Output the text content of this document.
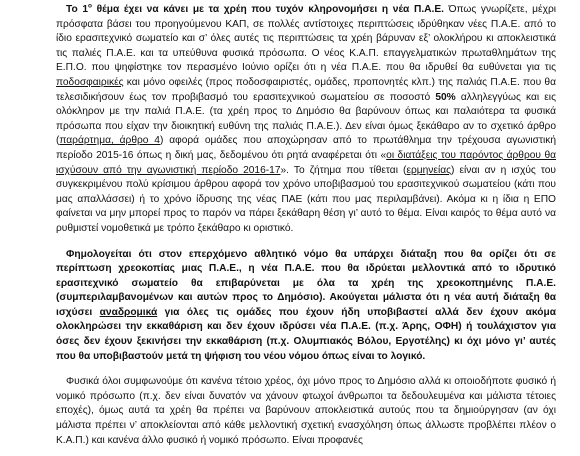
Το $1^o$ θέμα έχει να κάνει με τα χρέη που τυχόν κληρονομήσει η νέα Π.Α.Ε. Όπως γνωρίζετε, μέχρι πρόσφατα βάσει του προηγούμενου ΚΑΠ, σε πολλές αντίστοιχες περιπτώσεις ιδρύθηκαν νέες Π.Α.Ε. από το ίδιο ερασιτεχνικό σωματείο και σ’ όλες αυτές τις περιπτώσεις τα χρέη βάρυναν εξ’ ολοκλήρου κι αποκλειστικά τις παλιές Π.Α.Ε. και τα υπεύθυνα φυσικά πρόσωπα. Ο νέος Κ.Α.Π. επαγγελματικών πρωταθλημάτων της Ε.Π.Ο. που ψηφίστηκε τον περασμένο Ιούνιο ορίζει ότι η νέα Π.Α.Ε. που θα ιδρυθεί θα ευθύνεται για τις ποδοσφαιρικές και μόνο οφειλές (προς ποδοσφαιριστές, ομάδες, προπονητές κλπ.) της παλιάς Π.Α.Ε. που θα τελεσιδικήσουν έως τον προβιβασμό του ερασιτεχνικού σωματείου σε ποσοστό 50% αλληλεγγύως και εις ολόκληρον με την παλιά Π.Α.Ε. (τα χρέη προς το Δημόσιο θα βαρύνουν όπως και παλαιότερα τα φυσικά πρόσωπα που είχαν την διοικητική ευθύνη της παλιάς Π.Α.Ε.). Δεν είναι όμως ξεκάθαρο αν το σχετικό άρθρο (παράρτημα, άρθρο 4) αφορά ομάδες που αποχώρησαν από το πρωτάθλημα την τρέχουσα αγωνιστική περίοδο 2015-16 όπως η δική μας, δεδομένου ότι ρητά αναφέρεται ότι «οι διατάξεις του παρόντος άρθρου θα ισχύσουν από την αγωνιστική περίοδο 2016-17». Το ζήτημα που τίθεται (ερμηνείας) είναι αν η ισχύς του συγκεκριμένου πολύ κρίσιμου άρθρου αφορά τον χρόνο υποβιβασμού του ερασιτεχνικού σωματείου (κάτι που μας απαλλάσσει) ή το χρόνο ίδρυσης της νέας ΠΑΕ (κάτι που μας περιλαμβάνει). Ακόμα κι η ίδια η ΕΠΟ φαίνεται να μην μπορεί προς το παρόν να πάρει ξεκάθαρη θέση γι’ αυτό το θέμα. Είναι καιρός το θέμα αυτό να ρυθμιστεί νομοθετικά με τρόπο ξεκάθαρο κι οριστικό.

Φημολογείται ότι στον επερχόμενο αθλητικό νόμο θα υπάρχει διάταξη που θα ορίζει ότι σε περίπτωση χρεοκοπίας μιας Π.Α.Ε., η νέα Π.Α.Ε. που θα ιδρύεται μελλοντικά από το ιδρυτικό ερασιτεχνικό σωματείο θα επιβαρύνεται με όλα τα χρέη της χρεοκοπημένης Π.Α.Ε. (συμπεριλαμβανομένων και αυτών προς το Δημόσιο). Ακούγεται μάλιστα ότι η νέα αυτή διάταξη θα ισχύσει αναδρομικά για όλες τις ομάδες που έχουν ήδη υποβιβαστεί αλλά δεν έχουν ακόμα ολοκληρώσει την εκκαθάριση και δεν έχουν ιδρύσει νέα Π.Α.Ε. (π.χ. Άρης, ΟΦΗ) ή τουλάχιστον για όσες δεν έχουν ξεκινήσει την εκκαθάριση (π.χ. Ολυμπιακός Βόλου, Εργοτέλης) κι όχι μόνο γι’ αυτές που θα υποβιβαστούν μετά τη ψήφιση του νέου νόμου όπως είναι το λογικό.

Φυσικά όλοι συμφωνούμε ότι κανένα τέτοιο χρέος, όχι μόνο προς το Δημόσιο αλλά κι οποιοδήποτε φυσικό ή νομικό πρόσωπο (π.χ. δεν είναι δυνατόν να χάνουν φτωχοί άνθρωποι τα δεδουλευμένα και μάλιστα τέτοιες εποχές), όμως αυτά τα χρέη θα πρέπει να βαρύνουν αποκλειστικά αυτούς που τα δημιούργησαν (αν όχι μάλιστα πρέπει ν’ αποκλείονται από κάθε μελλοντική σχετική ενασχόληση όπως άλλωστε προβλέπει πλέον ο Κ.Α.Π.) και κανένα άλλο φυσικό ή νομικό πρόσωπο. Είναι προφανές
